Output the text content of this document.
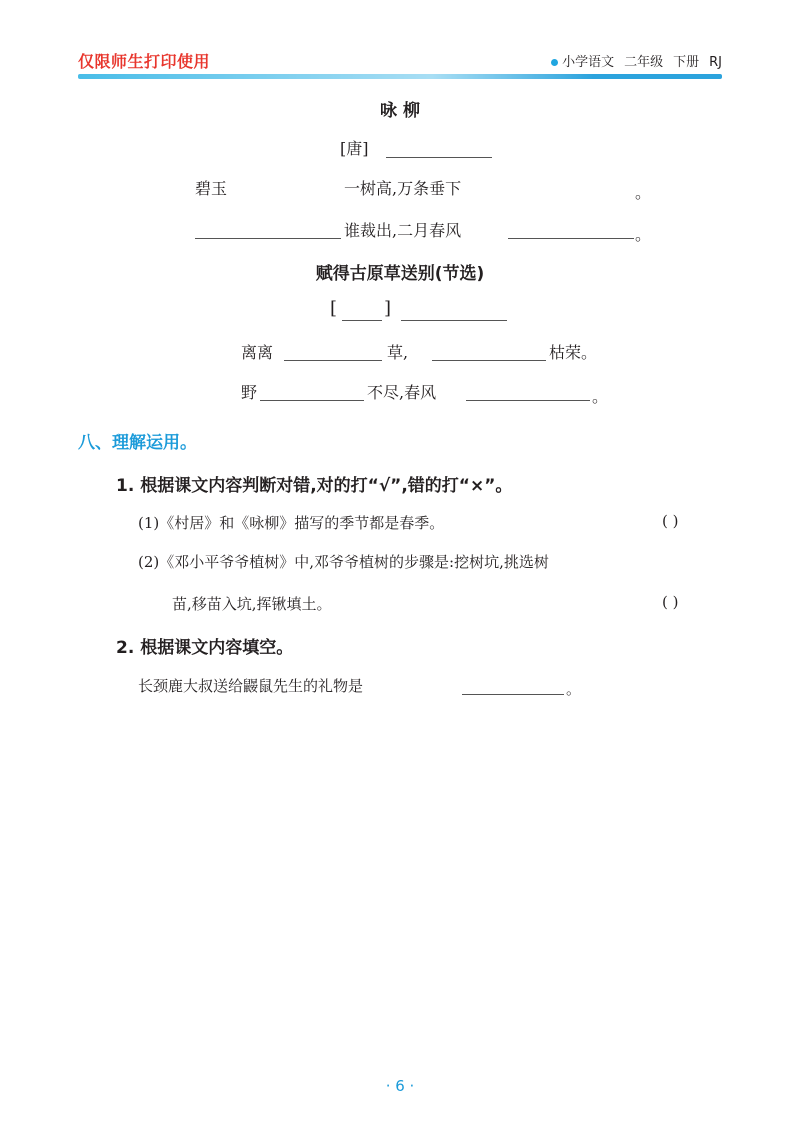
仅限师生打印使用	小学语文 二年级 下册 RJ
咏 柳
[唐]
碧玉	一树高,万条垂下	。
谁裁出,二月春风	。
赋得古原草送别(节选)
[	]
离离	草,	枯荣。
野	不尽,春风	。
八、理解运用。
1. 根据课文内容判断对错,对的打“√”,错的打“×”。
(1)《村居》和《咏柳》描写的季节都是春季。	( )
(2)《邓小平爷爷植树》中,邓爷爷植树的步骤是:挖树坑,挑选树
苗,移苗入坑,挥锹填土。	( )
2. 根据课文内容填空。
长颈鹿大叔送给鼹鼠先生的礼物是	。
· 6 ·
